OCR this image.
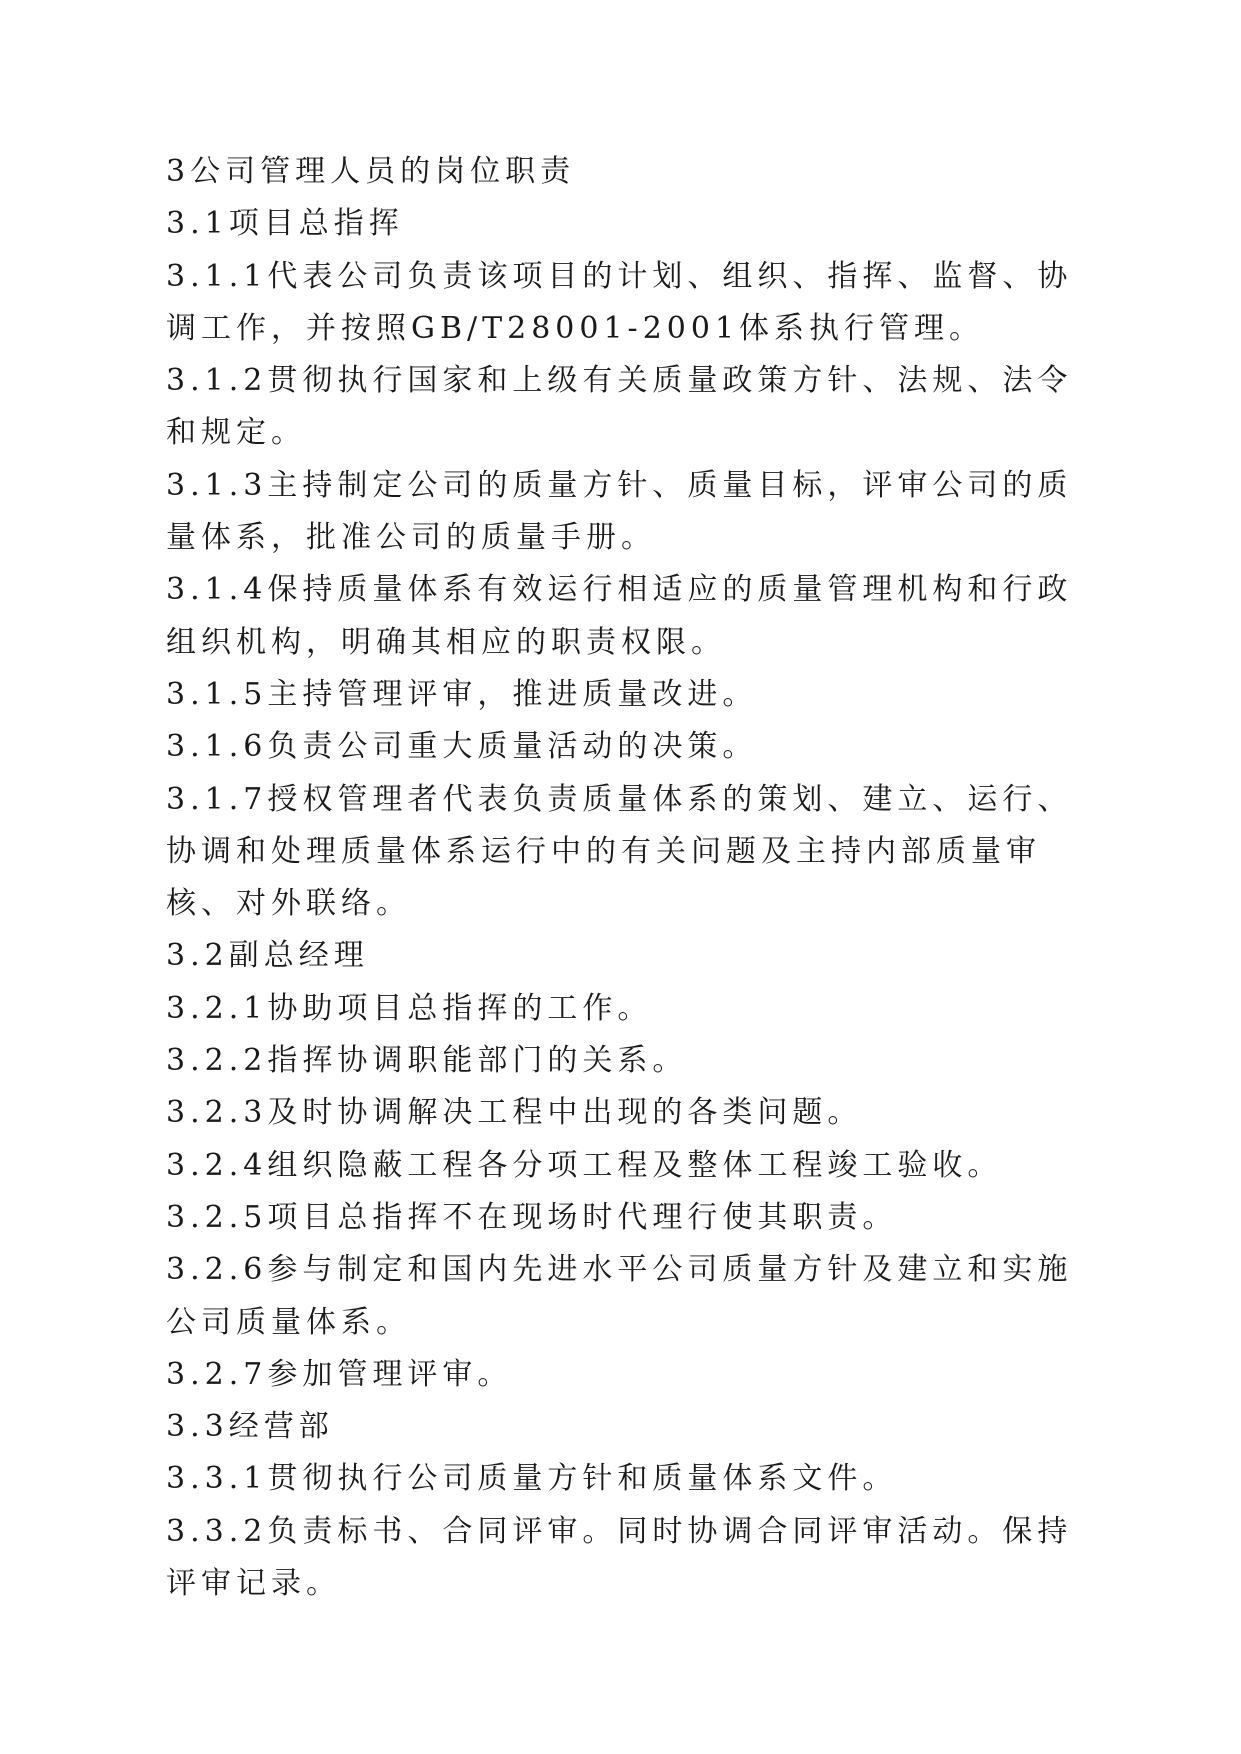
3公司管理人员的岗位职责

3.1项目总指挥

3.1.1代表公司负责该项目的计划、组织、指挥、监督、协调工作，并按照GB/T28001-2001体系执行管理。

3.1.2贯彻执行国家和上级有关质量政策方针、法规、法令和规定。

3.1.3主持制定公司的质量方针、质量目标，评审公司的质量体系，批准公司的质量手册。

3.1.4保持质量体系有效运行相适应的质量管理机构和行政组织机构，明确其相应的职责权限。

3.1.5主持管理评审，推进质量改进。

3.1.6负责公司重大质量活动的决策。

3.1.7授权管理者代表负责质量体系的策划、建立、运行、协调和处理质量体系运行中的有关问题及主持内部质量审核、对外联络。

3.2副总经理

3.2.1协助项目总指挥的工作。

3.2.2指挥协调职能部门的关系。

3.2.3及时协调解决工程中出现的各类问题。

3.2.4组织隐蔽工程各分项工程及整体工程竣工验收。

3.2.5项目总指挥不在现场时代理行使其职责。

3.2.6参与制定和国内先进水平公司质量方针及建立和实施公司质量体系。

3.2.7参加管理评审。

3.3经营部

3.3.1贯彻执行公司质量方针和质量体系文件。

3.3.2负责标书、合同评审。同时协调合同评审活动。保持评审记录。
